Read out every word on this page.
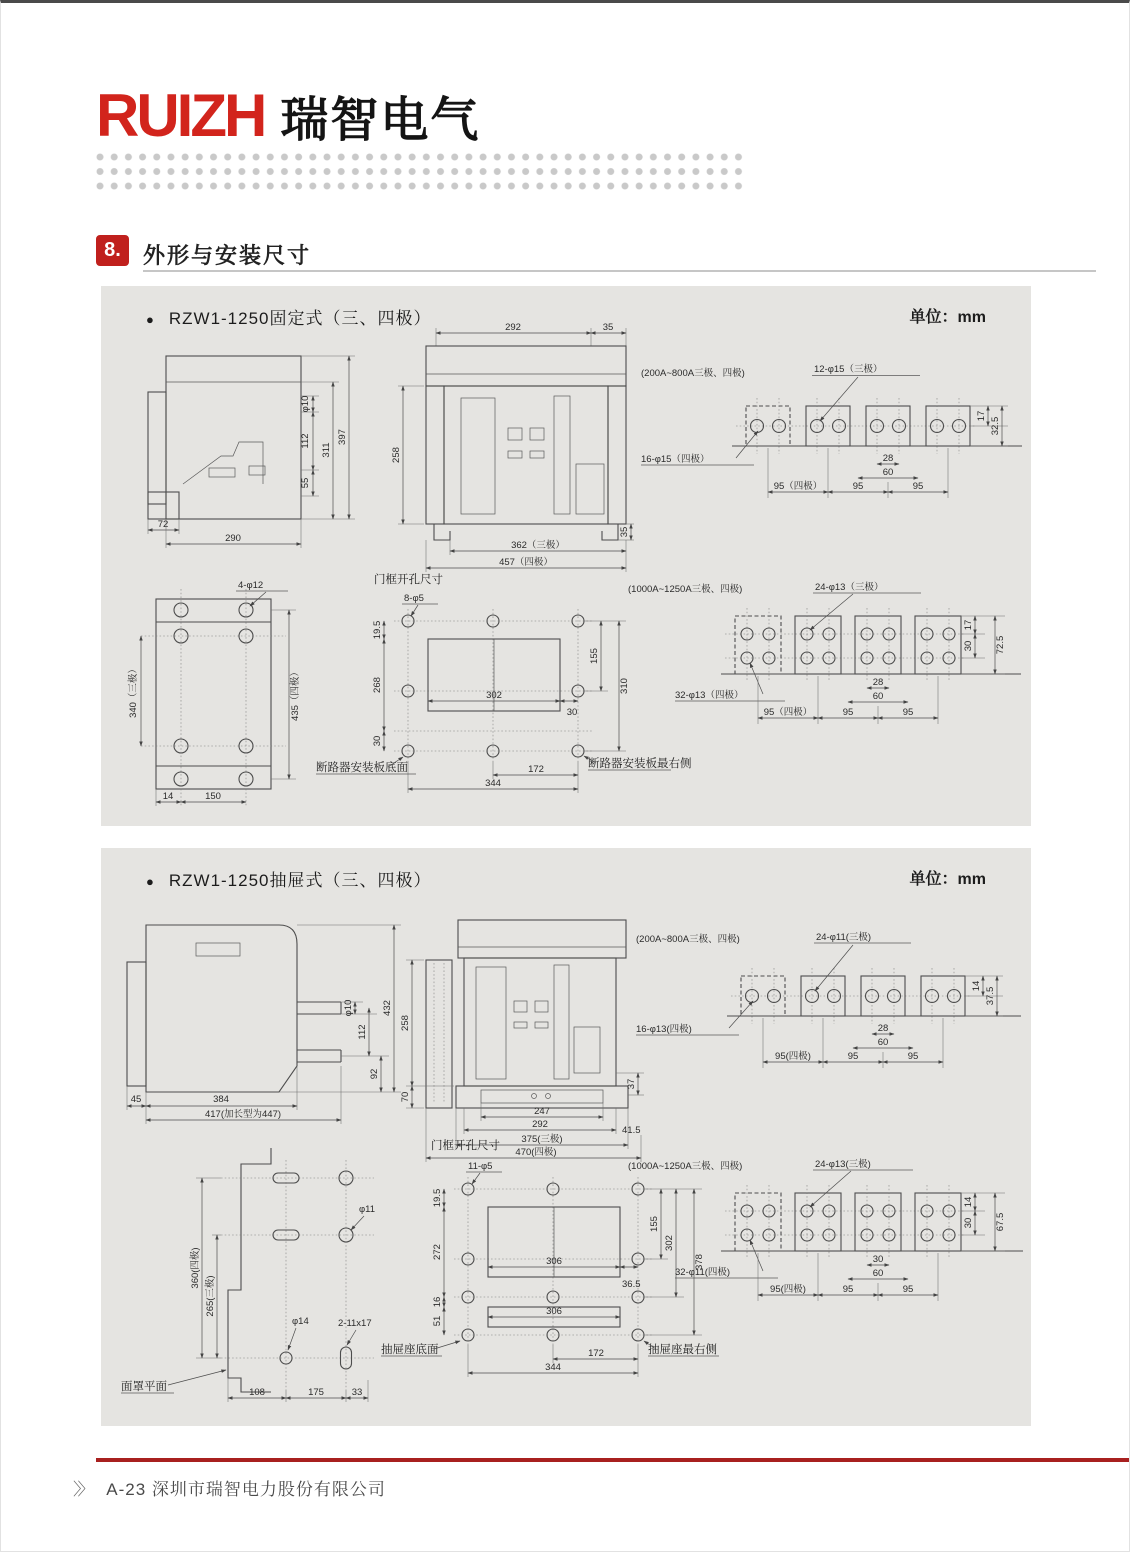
RUIZH 瑞智电气
8.	外形与安装尺寸
● RZW1-1250固定式（三、四极）	单位：mm
φ10
112
55
311
397
72
290
292	35
258
35
362（三极）
457（四极）
(200A~800A三极、四极)	12-φ15（三极）
16-φ15（四极）
17
32.5
28
60
95（四极）	95	95
4-φ12
340（三极）	435（四极）
14	150
门框开孔尺寸
8-φ5
19.5
268
30
302
30
155
310
172
344
断路器安装板底面	断路器安装板最右侧
(1000A~1250A三极、四极)	24-φ13（三极）
32-φ13（四极）
17
30 72.5
28
60
95（四极）	95	95
● RZW1-1250抽屉式（三、四极）	单位：mm
φ10
112
92
432
45	384
417(加长型为447)
258
70
37
247
292
41.5
375(三极)
470(四极)
(200A~800A三极、四极)	24-φ11(三极)
16-φ13(四极)
14
37.5
28
60
95(四极)	95	95
φ11
φ14	2-11x17
360(四极)
265(三极)
面罩平面	108	175	33
门框开孔尺寸
11-φ5
19.5
272
16
51
306
306
36.5
155
302
378
172
344
抽屉座底面	抽屉座最右侧
(1000A~1250A三极、四极)	24-φ13(三极)
32-φ11(四极)
14
30 67.5
30
60
95(四极)	95	95
〉〉 A-23 深圳市瑞智电力股份有限公司
